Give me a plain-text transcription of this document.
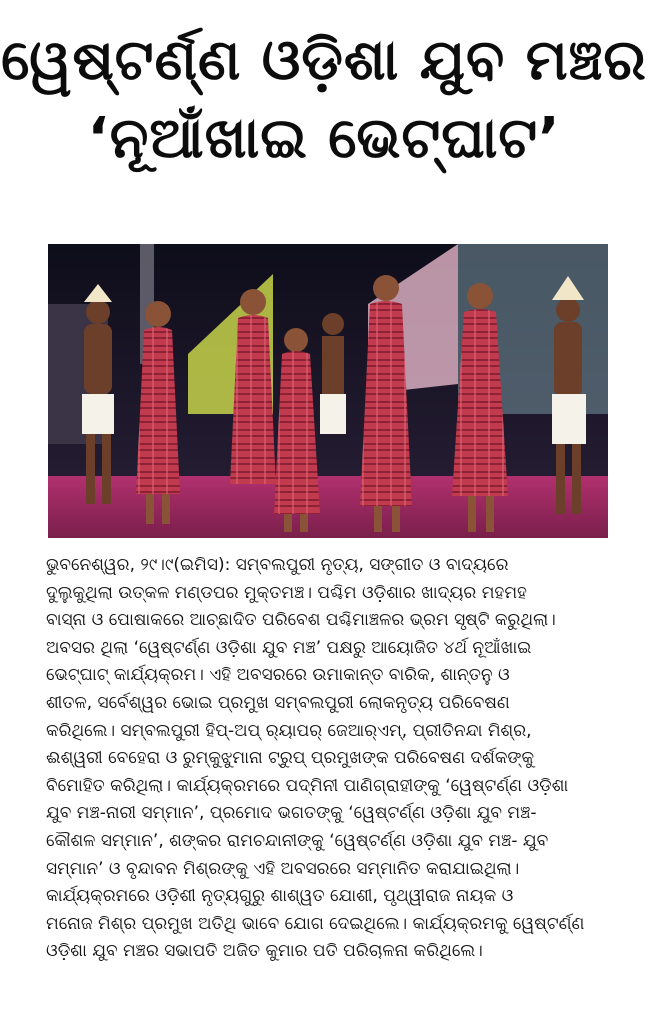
ୱେଷ୍ଟର୍ଣ୍ଣ ଓଡ଼ିଶା ଯୁବ ମଞ୍ଚର
‘ନୂଆଁଖାଇ ଭେଟ୍‌ଘାଟ’
ଭୁବନେଶ୍ୱର, ୨୯।୯(ଇମିସ): ସମ୍ବଲପୁରୀ ନୃତ୍ୟ, ସଙ୍ଗୀତ ଓ ବାଦ୍ୟରେ
ଦୁଲୁକୁଥିଲା ଉତ୍କଳ ମଣ୍ଡପର ମୁକ୍ତମଞ୍ଚ। ପଶ୍ଚିମ ଓଡ଼ିଶାର ଖାଦ୍ୟର ମହମହ
ବାସ୍ନା ଓ ପୋଷାକରେ ଆଚ୍ଛାଦିତ ପରିବେଶ ପଶ୍ଚିମାଞ୍ଚଳର ଭ୍ରମ ସୃଷ୍ଟି କରୁଥିଲା।
ଅବସର ଥିଲା ‘ୱେଷ୍ଟର୍ଣ୍ଣ ଓଡ଼ିଶା ଯୁବ ମଞ୍ଚ’ ପକ୍ଷରୁ ଆୟୋଜିତ ୪ର୍ଥ ନୂଆଁଖାଇ
ଭେଟ୍‌ଘାଟ୍ କାର୍ଯ୍ୟକ୍ରମ। ଏହି ଅବସରରେ ଉମାକାନ୍ତ ବାରିକ, ଶାନ୍ତନୁ ଓ
ଶୀତଳ, ସର୍ବେଶ୍ୱର ଭୋଇ ପ୍ରମୁଖ ସମ୍ବଲପୁରୀ ଲୋକନୃତ୍ୟ ପରିବେଷଣ
କରିଥିଲେ। ସମ୍ବଲପୁରୀ ହିପ୍-ଅପ୍ ର୍‍ୟାପର୍ ଜେଆର୍‌ଏମ୍, ପ୍ରୀତିନନ୍ଦା ମିଶ୍ର,
ଈଶ୍ୱରୀ ବେହେରା ଓ ରୁମ୍‌କୁଝୁମାନା ଟ୍ରୁପ୍ ପ୍ରମୁଖଙ୍କ ପରିବେଷଣ ଦର୍ଶକଙ୍କୁ
ବିମୋହିତ କରିଥିଲା। କାର୍ଯ୍ୟକ୍ରମରେ ପଦ୍ମିନୀ ପାଣିଗ୍ରାହୀଙ୍କୁ ‘ୱେଷ୍ଟର୍ଣ୍ଣ ଓଡ଼ିଶା
ଯୁବ ମଞ୍ଚ-ନାରୀ ସମ୍ମାନ’, ପ୍ରମୋଦ ଭଗତଙ୍କୁ ‘ୱେଷ୍ଟର୍ଣ୍ଣ ଓଡ଼ିଶା ଯୁବ ମଞ୍ଚ-
କୌଶଳ ସମ୍ମାନ’, ଶଙ୍କର ରାମଚନ୍ଦାନୀଙ୍କୁ ‘ୱେଷ୍ଟର୍ଣ୍ଣ ଓଡ଼ିଶା ଯୁବ ମଞ୍ଚ- ଯୁବ
ସମ୍ମାନ’ ଓ ବୃନ୍ଦାବନ ମିଶ୍ରଙ୍କୁ ଏହି ଅବସରରେ ସମ୍ମାନିତ କରାଯାଇଥିଲା।
କାର୍ଯ୍ୟକ୍ରମରେ ଓଡ଼ିଶୀ ନୃତ୍ୟଗୁରୁ ଶାଶ୍ୱତ ଯୋଶୀ, ପୃଥ୍ୱୀରାଜ ନାୟକ ଓ
ମନୋଜ ମିଶ୍ର ପ୍ରମୁଖ ଅତିଥି ଭାବେ ଯୋଗ ଦେଇଥିଲେ। କାର୍ଯ୍ୟକ୍ରମକୁ ୱେଷ୍ଟର୍ଣ୍ଣ
ଓଡ଼ିଶା ଯୁବ ମଞ୍ଚର ସଭାପତି ଅଜିତ କୁମାର ପତି ପରିଚାଳନା କରିଥିଲେ।
